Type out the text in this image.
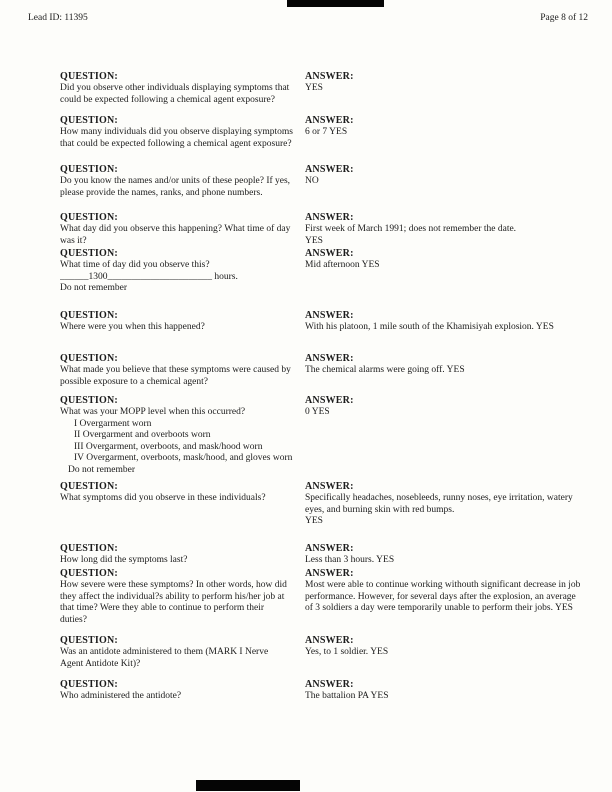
Lead ID: 11395	Page 8 of 12
QUESTION:
Did you observe other individuals displaying symptoms that could be expected following a chemical agent exposure?
ANSWER:
YES
QUESTION:
How many individuals did you observe displaying symptoms that could be expected following a chemical agent exposure?
ANSWER:
6 or 7 YES
QUESTION:
Do you know the names and/or units of these people? If yes, please provide the names, ranks, and phone numbers.
ANSWER:
NO
QUESTION:
What day did you observe this happening? What time of day was it?
ANSWER:
First week of March 1991; does not remember the date.
YES
QUESTION:
What time of day did you observe this?
______1300______________________ hours.
Do not remember
ANSWER:
Mid afternoon YES
QUESTION:
Where were you when this happened?
ANSWER:
With his platoon, 1 mile south of the Khamisiyah explosion. YES
QUESTION:
What made you believe that these symptoms were caused by possible exposure to a chemical agent?
ANSWER:
The chemical alarms were going off. YES
QUESTION:
What was your MOPP level when this occurred?
I Overgarment worn
II Overgarment and overboots worn
III Overgarment, overboots, and mask/hood worn
IV Overgarment, overboots, mask/hood, and gloves worn
Do not remember
ANSWER:
0 YES
QUESTION:
What symptoms did you observe in these individuals?
ANSWER:
Specifically headaches, nosebleeds, runny noses, eye irritation, watery eyes, and burning skin with red bumps.
YES
QUESTION:
How long did the symptoms last?
ANSWER:
Less than 3 hours. YES
QUESTION:
How severe were these symptoms? In other words, how did they affect the individual?s ability to perform his/her job at that time? Were they able to continue to perform their duties?
ANSWER:
Most were able to continue working withouth significant decrease in job performance. However, for several days after the explosion, an average of 3 soldiers a day were temporarily unable to perform their jobs. YES
QUESTION:
Was an antidote administered to them (MARK I Nerve Agent Antidote Kit)?
ANSWER:
Yes, to 1 soldier. YES
QUESTION:
Who administered the antidote?
ANSWER:
The battalion PA YES
